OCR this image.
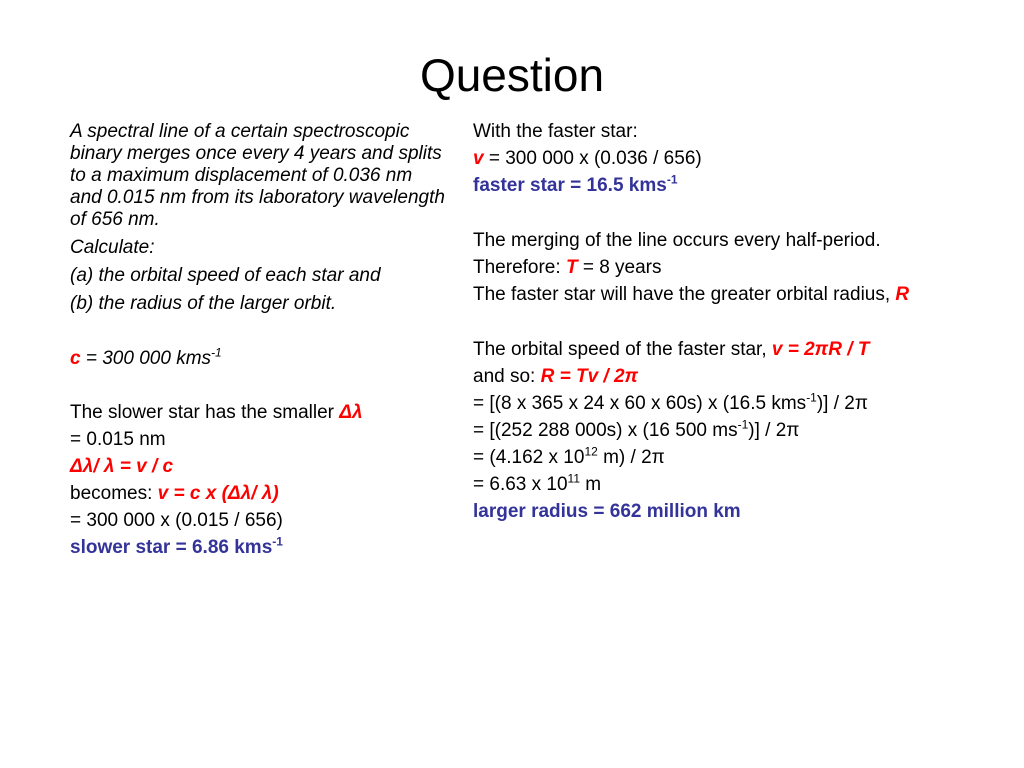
Question

A spectral line of a certain spectroscopic binary merges once every 4 years and splits to a maximum displacement of 0.036 nm and 0.015 nm from its laboratory wavelength of 656 nm.

Calculate:

(a) the orbital speed of each star and

(b) the radius of the larger orbit.

c = 300 000 kms$^{-1}$

The slower star has the smaller Δλ

= 0.015 nm

Δλ/ λ = v / c

becomes: v = c x (Δλ/ λ)

= 300 000 x (0.015 / 656)

slower star = 6.86 kms$^{-1}$

With the faster star:

v = 300 000 x (0.036 / 656)

faster star = 16.5 kms$^{-1}$

The merging of the line occurs every half-period.

Therefore: T = 8 years

The faster star will have the greater orbital radius, R

The orbital speed of the faster star, v = 2πR / T

and so: R = Tv / 2π

= [(8 x 365 x 24 x 60 x 60s) x (16.5 kms$^{-1}$)] / 2π

= [(252 288 000s) x (16 500 $ms^{-1})] / 2\pi$

= (4.162 x $10^{12}$ m) / 2π

= 6.63 x $10^{11}$ m

larger radius = 662 million km
